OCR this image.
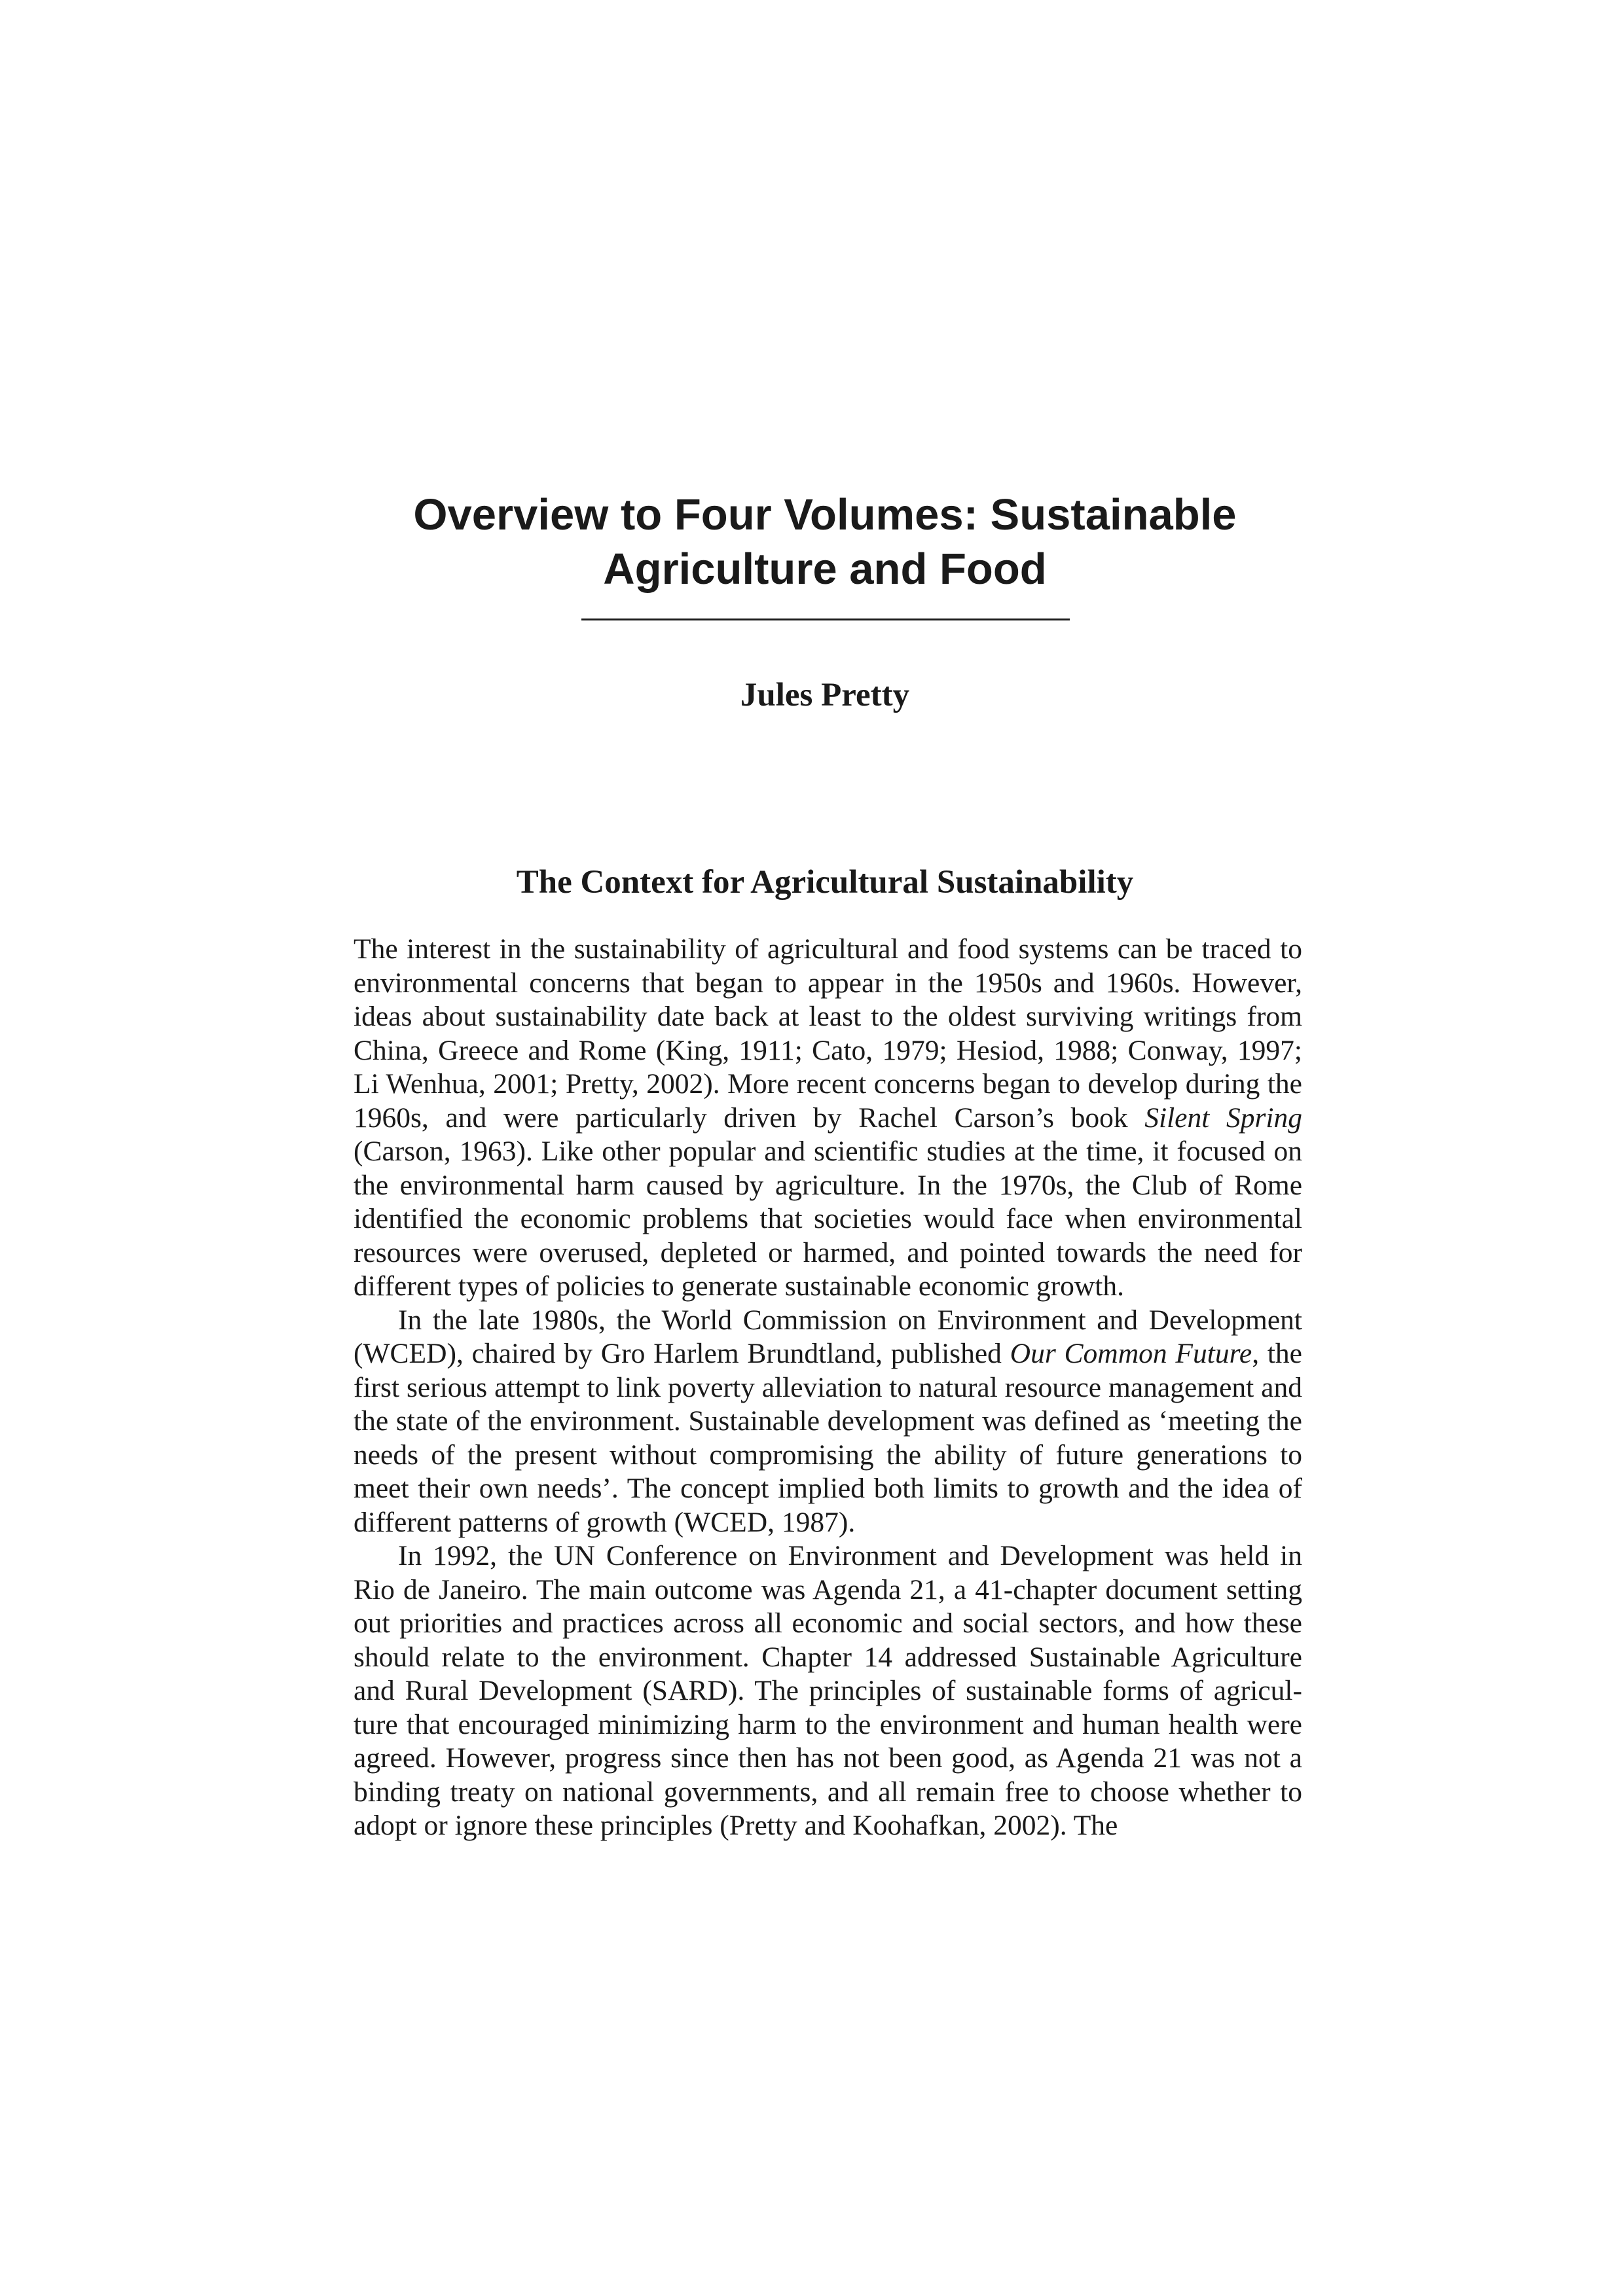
Overview to Four Volumes: Sustainable Agriculture and Food
Jules Pretty
The Context for Agricultural Sustainability

The interest in the sustainability of agricultural and food systems can be traced to environmental concerns that began to appear in the 1950s and 1960s. However, ideas about sustainability date back at least to the oldest surviving writings from China, Greece and Rome (King, 1911; Cato, 1979; Hesiod, 1988; Conway, 1997; Li Wenhua, 2001; Pretty, 2002). More recent concerns began to develop during the 1960s, and were particularly driven by Rachel Carson’s book Silent Spring (Carson, 1963). Like other popular and scientific studies at the time, it focused on the environmental harm caused by agriculture. In the 1970s, the Club of Rome identified the economic problems that societies would face when environmental resources were overused, depleted or harmed, and pointed towards the need for different types of policies to generate sustainable economic growth.

In the late 1980s, the World Commission on Environment and Development (WCED), chaired by Gro Harlem Brundtland, published Our Common Future, the first serious attempt to link poverty alleviation to natural resource management and the state of the environment. Sustainable development was defined as ‘meeting the needs of the present without compromising the ability of future generations to meet their own needs’. The concept implied both limits to growth and the idea of different patterns of growth (WCED, 1987).

In 1992, the UN Conference on Environment and Development was held in Rio de Janeiro. The main outcome was Agenda 21, a 41-chapter document setting out priorities and practices across all economic and social sectors, and how these should relate to the environment. Chapter 14 addressed Sustainable Agriculture and Rural Development (SARD). The principles of sustainable forms of agriculture that encouraged minimizing harm to the environment and human health were agreed. However, progress since then has not been good, as Agenda 21 was not a binding treaty on national governments, and all remain free to choose whether to adopt or ignore these principles (Pretty and Koohafkan, 2002). The
